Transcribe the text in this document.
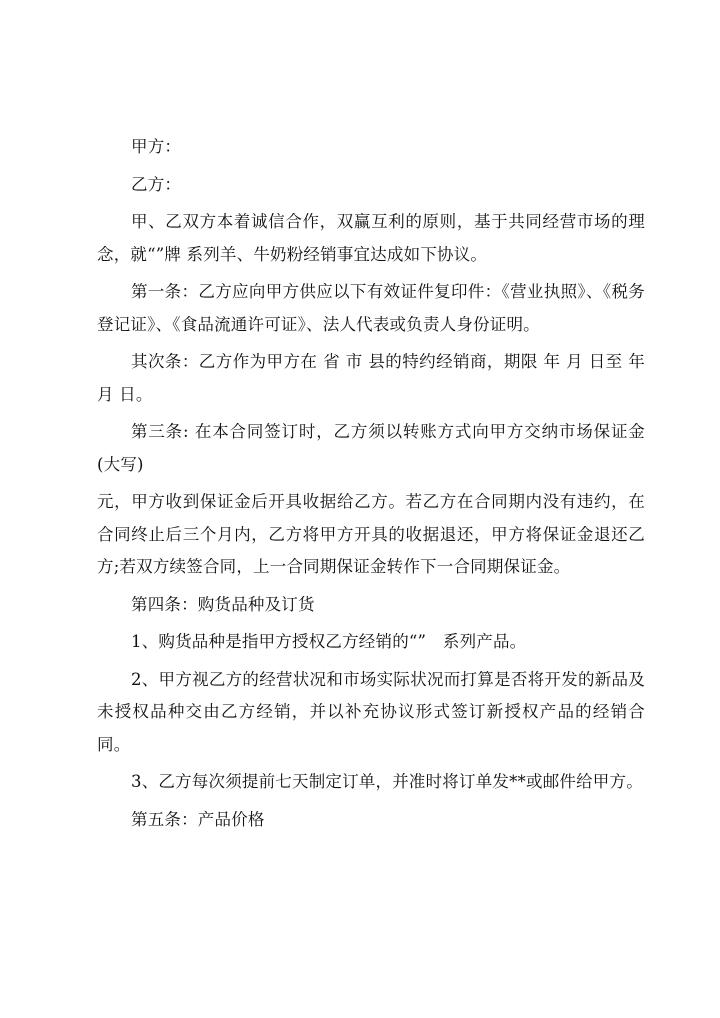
甲方：

乙方：

甲、乙双方本着诚信合作，双赢互利的原则，基于共同经营市场的理念，就“”牌 系列羊、牛奶粉经销事宜达成如下协议。

第一条：乙方应向甲方供应以下有效证件复印件：《营业执照》、《税务登记证》、《食品流通许可证》、法人代表或负责人身份证明。

其次条：乙方作为甲方在 省 市 县的特约经销商，期限 年 月 日至 年 月 日。

第三条: 在本合同签订时，乙方须以转账方式向甲方交纳市场保证金(大写)

元，甲方收到保证金后开具收据给乙方。若乙方在合同期内没有违约，在合同终止后三个月内，乙方将甲方开具的收据退还，甲方将保证金退还乙方;若双方续签合同，上一合同期保证金转作下一合同期保证金。

第四条：购货品种及订货

1、购货品种是指甲方授权乙方经销的“”　系列产品。

2、甲方视乙方的经营状况和市场实际状况而打算是否将开发的新品及未授权品种交由乙方经销，并以补充协议形式签订新授权产品的经销合同。

3、乙方每次须提前七天制定订单，并准时将订单发**或邮件给甲方。

第五条：产品价格
